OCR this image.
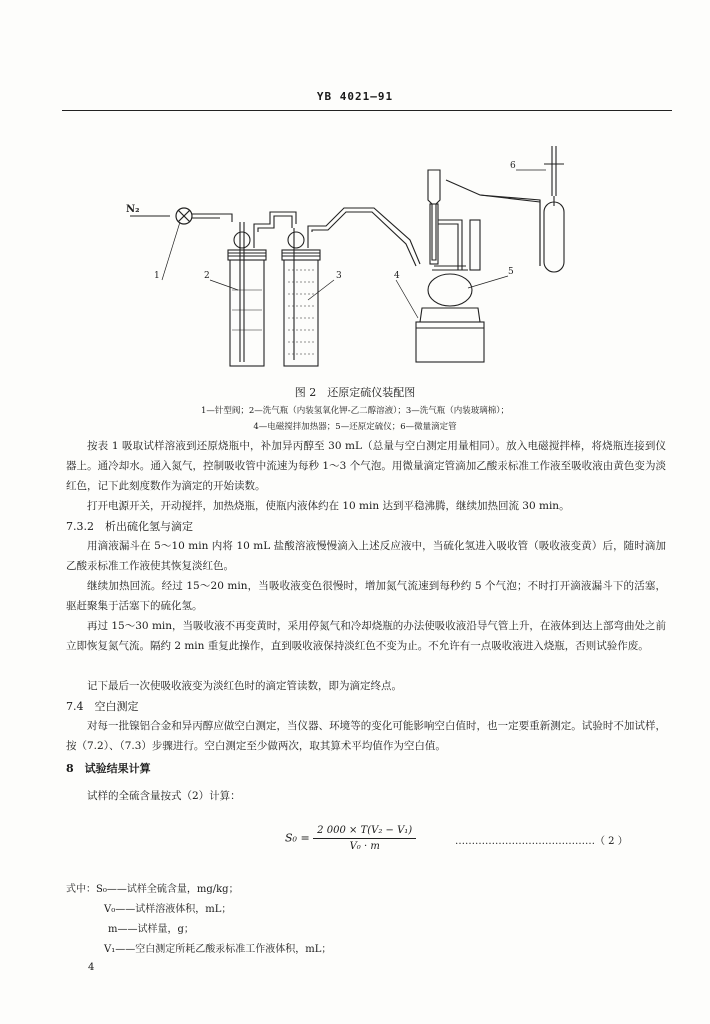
YB 4021—91
N₂
1	2	3	4	5
6
图 2　还原定硫仪装配图
1—针型阀；2—洗气瓶（内装氢氧化钾-乙二醇溶液）；3—洗气瓶（内装玻璃棉）；
4—电磁搅拌加热器；5—还原定硫仪；6—微量滴定管
按表 1 吸取试样溶液到还原烧瓶中，补加异丙醇至 30 mL（总量与空白测定用量相同）。放入电磁搅拌棒，将烧瓶连接到仪器上。通冷却水。通入氮气，控制吸收管中流速为每秒 1～3 个气泡。用微量滴定管滴加乙酸汞标准工作液至吸收液由黄色变为淡红色，记下此刻度数作为滴定的开始读数。
打开电源开关，开动搅拌，加热烧瓶，使瓶内液体约在 10 min 达到平稳沸腾，继续加热回流 30 min。
7.3.2　析出硫化氢与滴定
用滴液漏斗在 5～10 min 内将 10 mL 盐酸溶液慢慢滴入上述反应液中，当硫化氢进入吸收管（吸收液变黄）后，随时滴加乙酸汞标准工作液使其恢复淡红色。
继续加热回流。经过 15～20 min，当吸收液变色很慢时，增加氮气流速到每秒约 5 个气泡；不时打开滴液漏斗下的活塞，驱赶聚集于活塞下的硫化氢。
再过 15～30 min，当吸收液不再变黄时，采用停氮气和冷却烧瓶的办法使吸收液沿导气管上升，在液体到达上部弯曲处之前立即恢复氮气流。隔约 2 min 重复此操作，直到吸收液保持淡红色不变为止。不允许有一点吸收液进入烧瓶，否则试验作废。
记下最后一次使吸收液变为淡红色时的滴定管读数，即为滴定终点。
7.4　空白测定
对每一批镍铝合金和异丙醇应做空白测定，当仪器、环境等的变化可能影响空白值时，也一定要重新测定。试验时不加试样，按（7.2）、（7.3）步骤进行。空白测定至少做两次，取其算术平均值作为空白值。
8　试验结果计算
试样的全硫含量按式（2）计算：
$S_0 = \frac{\text{2 000 × T(V₂ − V₁)}}{\text{V₀ · m}}$	……………………………………（ 2 ）
式中： S₀——试样全硫含量，mg/kg；
V₀——试样溶液体积，mL；
m——试样量，g；
V₁——空白测定所耗乙酸汞标准工作液体积，mL；
4
